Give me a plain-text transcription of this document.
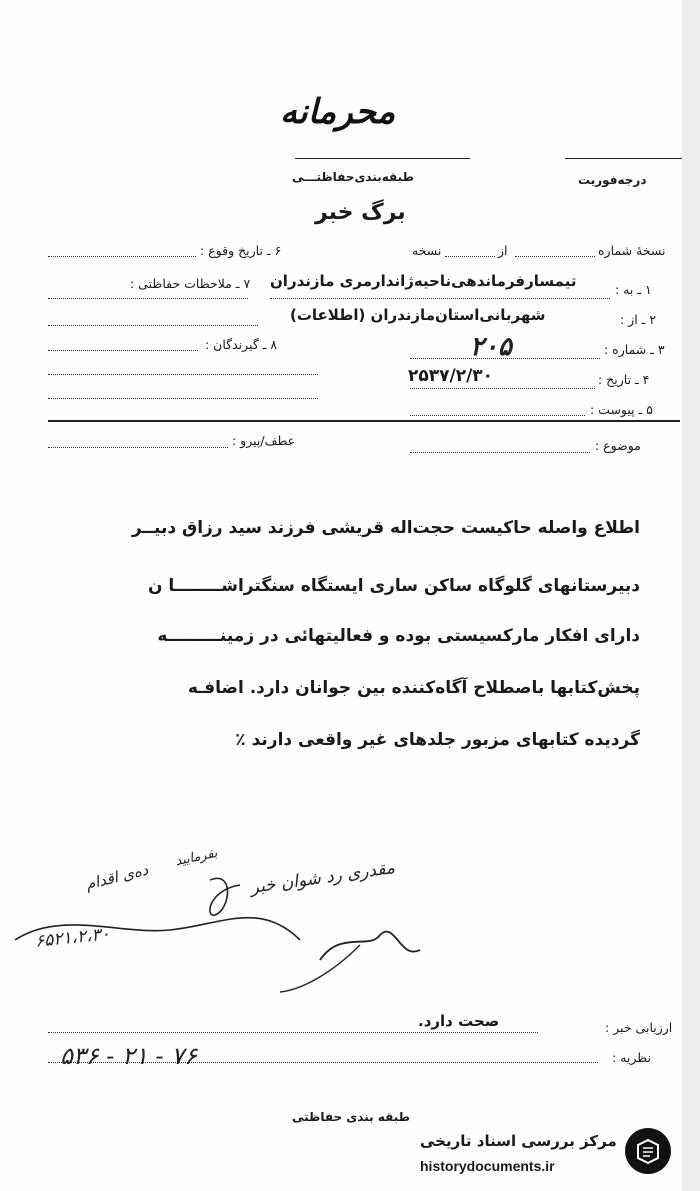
محرمانه
طبقه‌بندی‌حفاظتـــی	درجه‌فوریت
برگ خبر
نسخهٔ شماره
از
نسخه
۶ ـ تاریخ وقوع :
۱ ـ به :
تیمسارفرماندهی‌ناحیه‌ژاندارمری مازندران
۷ ـ ملاحظات حفاظتی :
۲ ـ از :
شهربانی‌استان‌مازندران (اطلاعات)
۸ ـ گیرندگان :	۳ ـ شماره :
۲۰۵
۴ ـ تاریخ :
۲۵۳۷/۲/۳۰
۵ ـ پیوست :
موضوع :
عطف/پیرو :
اطلاع واصله حاکیست حجت‌اله قریشی فرزند سید رزاق دبیــر
دبیرستانهای گلوگاه ساکن ساری ایستگاه سنگتراشــــــــا ن
دارای افکار مارکسیستی بوده و فعالیتهائی در زمینـــــــــه
پخش‌کتابها باصطلاح آگاه‌کننده بین جوانان دارد. اضافـه
گردیده کتابهای مزبور جلدهای غیر واقعی دارند ٪
مقدری رد شوان خبر
بفرمایید
ده‌ی اقدام
۶۵۲۱،۲،۳۰
ارزیابی خبر :
صحت دارد.
نظریه :
۵۳۶ - ۲۱ - ۷۶
طبقه بندی حفاظتی
مرکز بررسی اسناد تاریخی
historydocuments.ir
